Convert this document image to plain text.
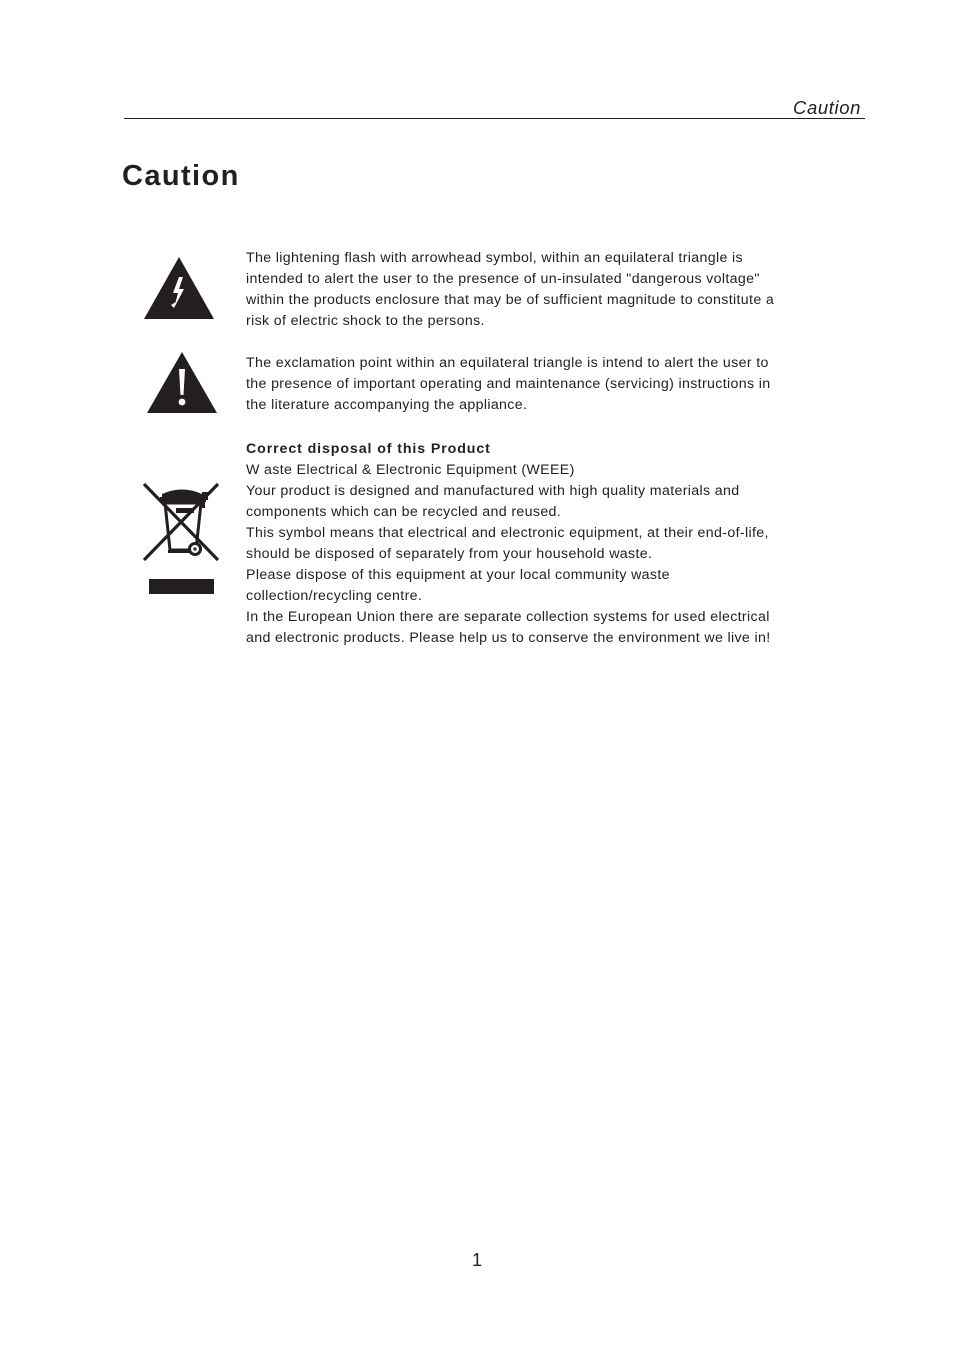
Caution
Caution
The lightening flash with arrowhead symbol, within an equilateral triangle is
intended to alert the user to the presence of un-insulated "dangerous voltage"
within the products enclosure that may be of sufficient magnitude to constitute a
risk of electric shock to the persons.
The exclamation point within an equilateral triangle is intend to alert the user to
the presence of important operating and maintenance (servicing) instructions in
the literature accompanying the appliance.
Correct disposal of this Product
W aste Electrical & Electronic Equipment (WEEE)
Your product is designed and manufactured with high quality materials and
components which can be recycled and reused.
This symbol means that electrical and electronic equipment, at their end-of-life,
should be disposed of separately from your household waste.
Please dispose of this equipment at your local community waste
collection/recycling centre.
In the European Union there are separate collection systems for used electrical
and electronic products. Please help us to conserve the environment we live in!
1
